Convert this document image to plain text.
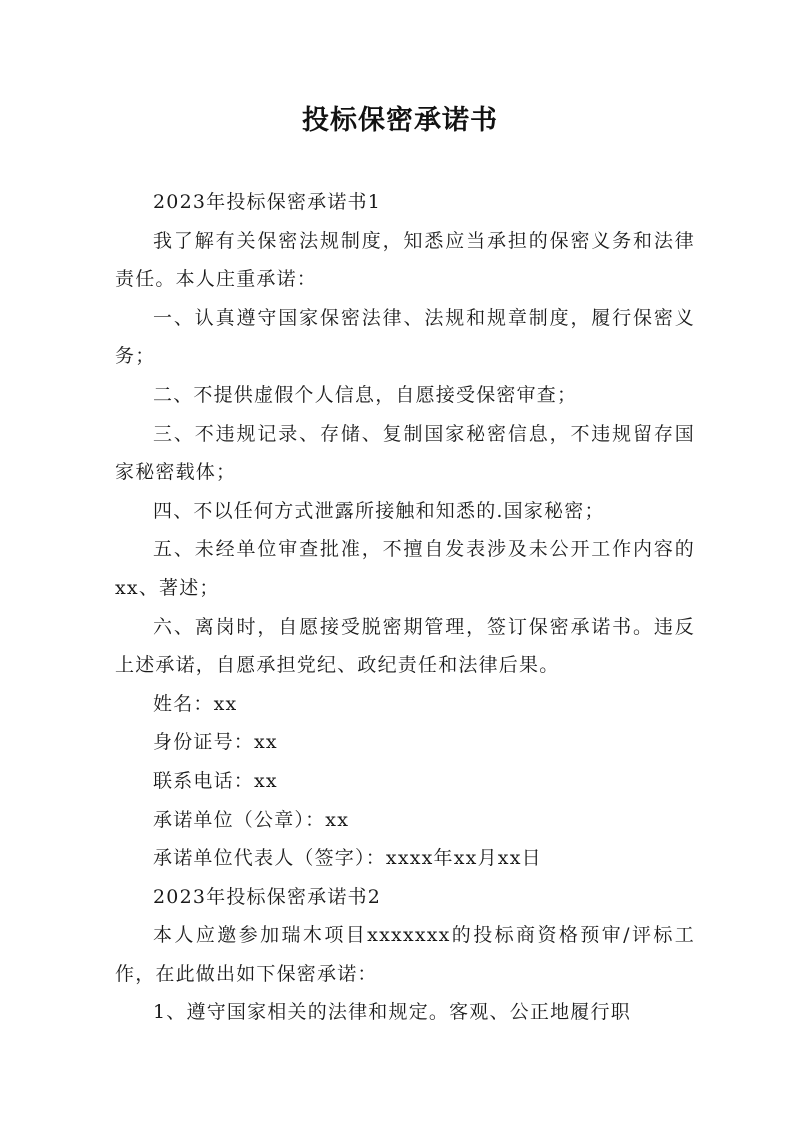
投标保密承诺书

2023年投标保密承诺书1

我了解有关保密法规制度，知悉应当承担的保密义务和法律责任。本人庄重承诺：

一、认真遵守国家保密法律、法规和规章制度，履行保密义务；

二、不提供虚假个人信息，自愿接受保密审查；

三、不违规记录、存储、复制国家秘密信息，不违规留存国家秘密载体；

四、不以任何方式泄露所接触和知悉的.国家秘密；

五、未经单位审查批准，不擅自发表涉及未公开工作内容的xx、著述；

六、离岗时，自愿接受脱密期管理，签订保密承诺书。违反上述承诺，自愿承担党纪、政纪责任和法律后果。

姓名：xx

身份证号：xx

联系电话：xx

承诺单位（公章）：xx

承诺单位代表人（签字）：xxxx年xx月xx日

2023年投标保密承诺书2

本人应邀参加瑞木项目xxxxxxx的投标商资格预审/评标工作，在此做出如下保密承诺：

1、遵守国家相关的法律和规定。客观、公正地履行职
